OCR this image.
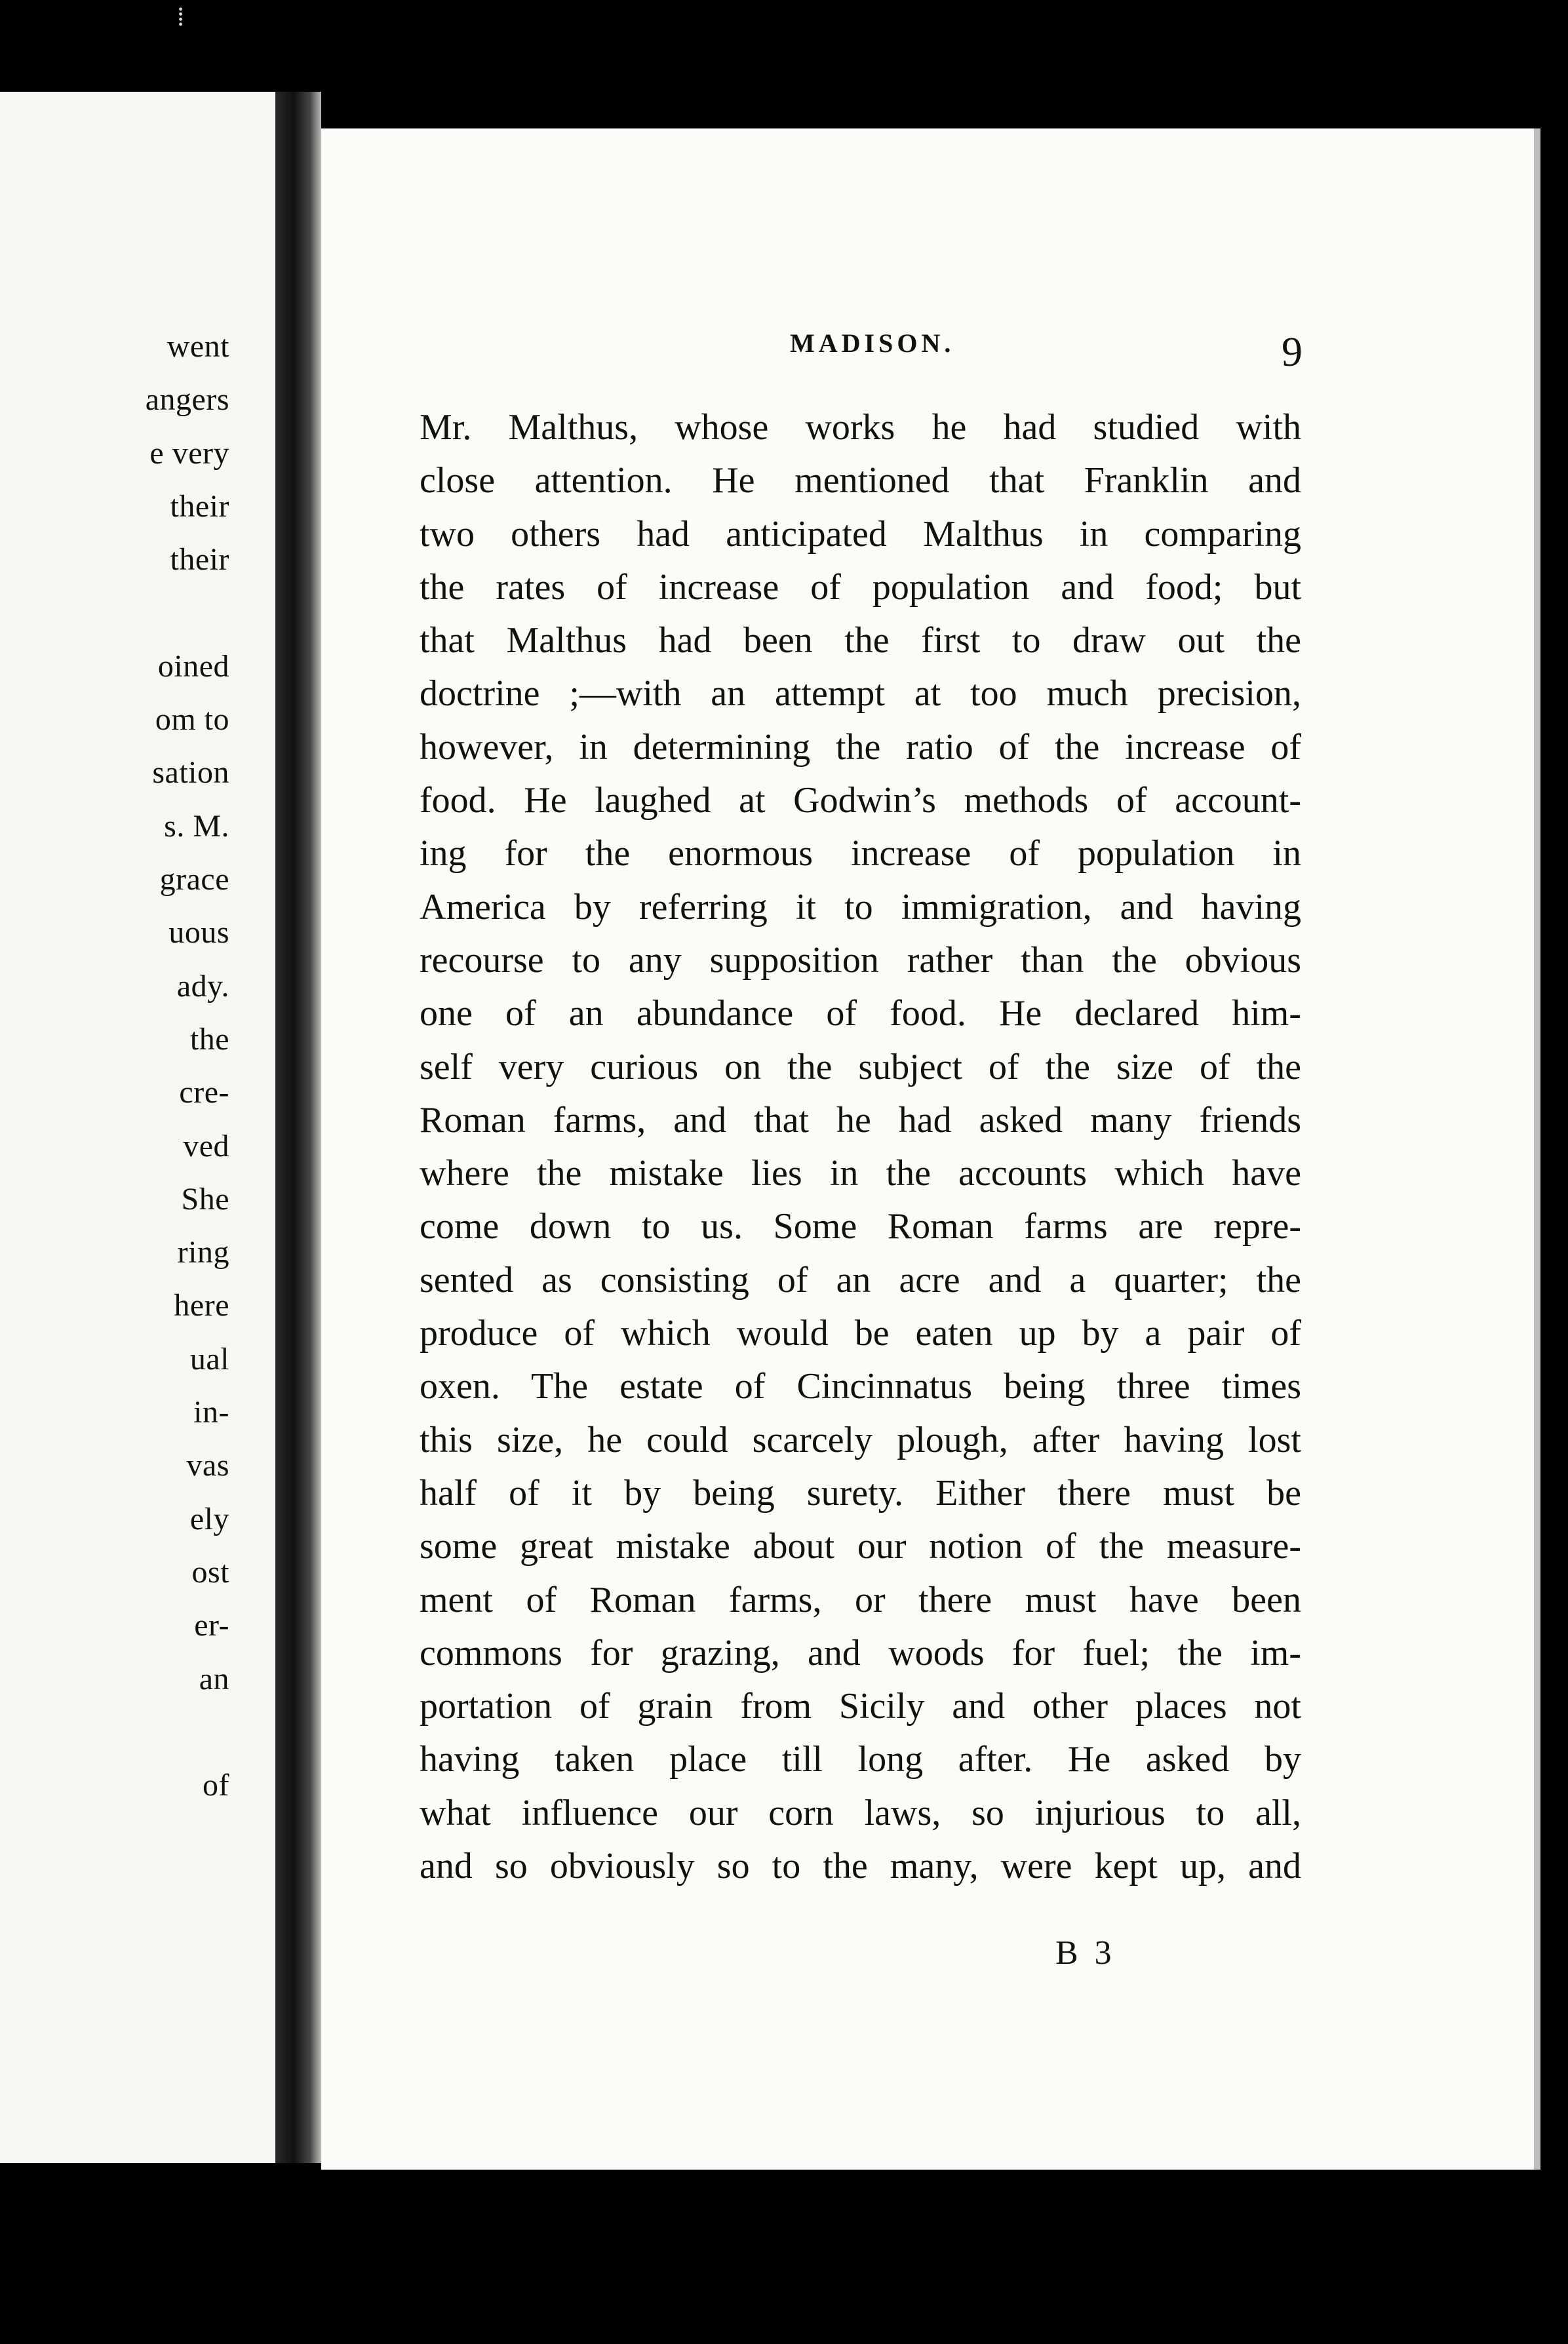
⁞
went
angers
e very
their
their
oined
om to
sation
s. M.
grace
uous
ady.
the
cre-
ved
She
ring
here
ual
in-
vas
ely
ost
er-
an
of
MADISON.	9
Mr. Malthus, whose works he had studied with
close attention. He mentioned that Franklin and
two others had anticipated Malthus in comparing
the rates of increase of population and food; but
that Malthus had been the first to draw out the
doctrine ;—with an attempt at too much precision,
however, in determining the ratio of the increase of
food. He laughed at Godwin’s methods of account-
ing for the enormous increase of population in
America by referring it to immigration, and having
recourse to any supposition rather than the obvious
one of an abundance of food. He declared him-
self very curious on the subject of the size of the
Roman farms, and that he had asked many friends
where the mistake lies in the accounts which have
come down to us. Some Roman farms are repre-
sented as consisting of an acre and a quarter; the
produce of which would be eaten up by a pair of
oxen. The estate of Cincinnatus being three times
this size, he could scarcely plough, after having lost
half of it by being surety. Either there must be
some great mistake about our notion of the measure-
ment of Roman farms, or there must have been
commons for grazing, and woods for fuel; the im-
portation of grain from Sicily and other places not
having taken place till long after. He asked by
what influence our corn laws, so injurious to all,
and so obviously so to the many, were kept up, and
B 3
